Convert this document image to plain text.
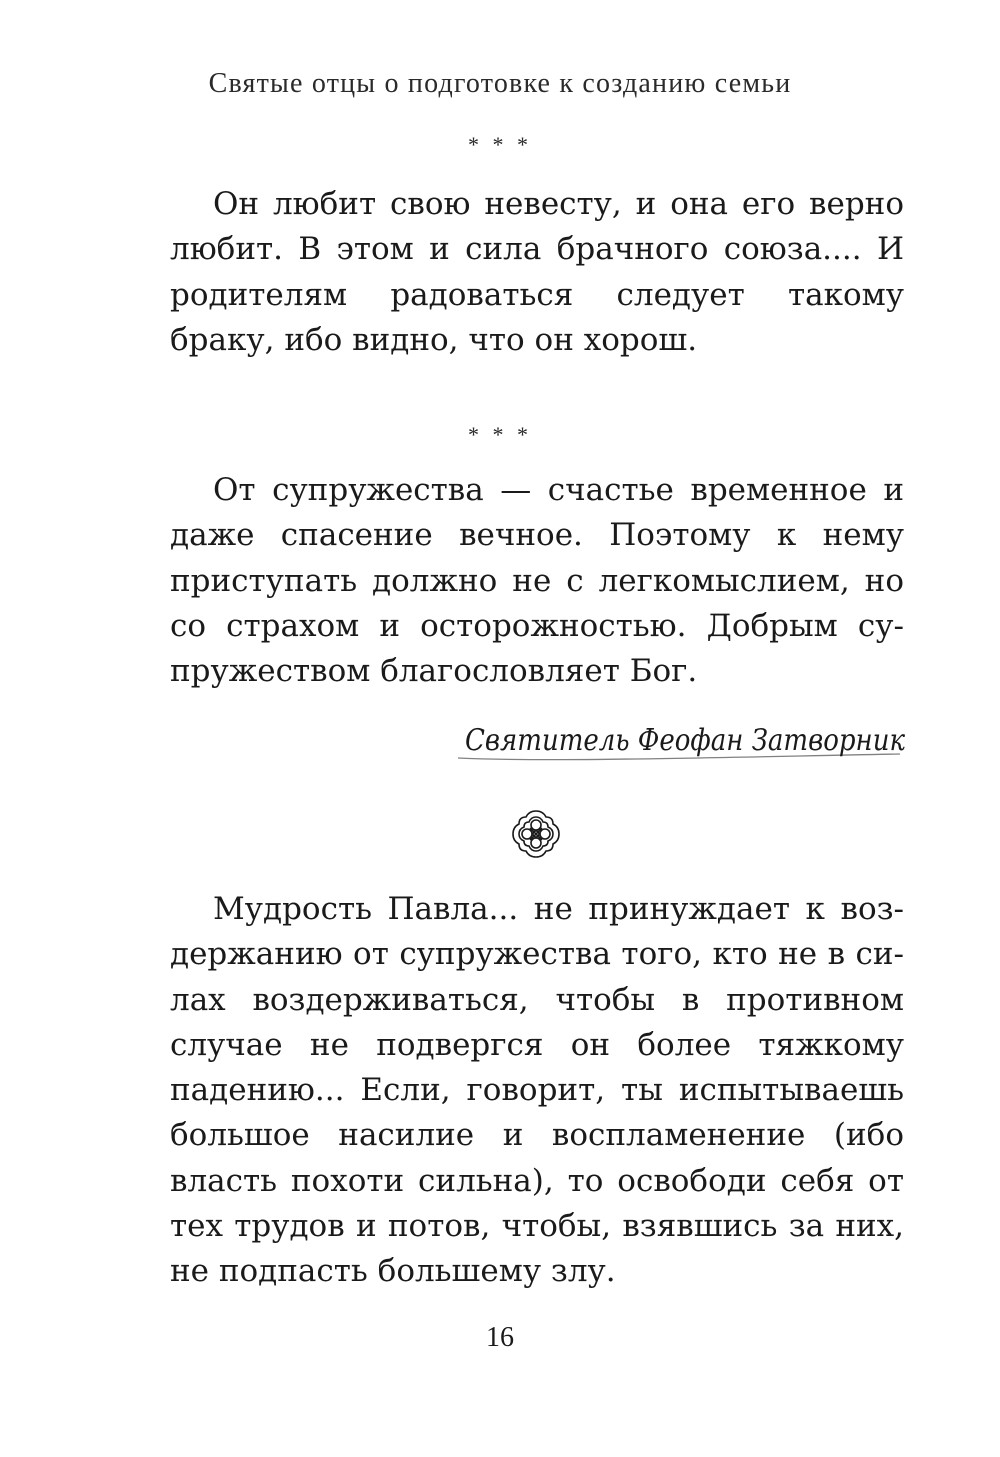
Святые отцы о подготовке к созданию семьи
* * *

Он любит свою невесту, и она его верно любит. В этом и сила брачного союза.... И родителям радоваться следует такому браку, ибо видно, что он хорош.

* * *

От супружества — счастье временное и даже спасение вечное. Поэтому к нему приступать должно не с легкомыслием, но со страхом и осторожностью. Добрым супружеством благословляет Бог.

Святитель Феофан Затворник

Мудрость Павла... не принуждает к воздержанию от супружества того, кто не в силах воздерживаться, чтобы в противном случае не подвергся он более тяжкому падению... Если, говорит, ты испытываешь большое насилие и воспламенение (ибо власть похоти сильна), то освободи себя от тех трудов и потов, чтобы, взявшись за них, не подпасть большему злу.

16
